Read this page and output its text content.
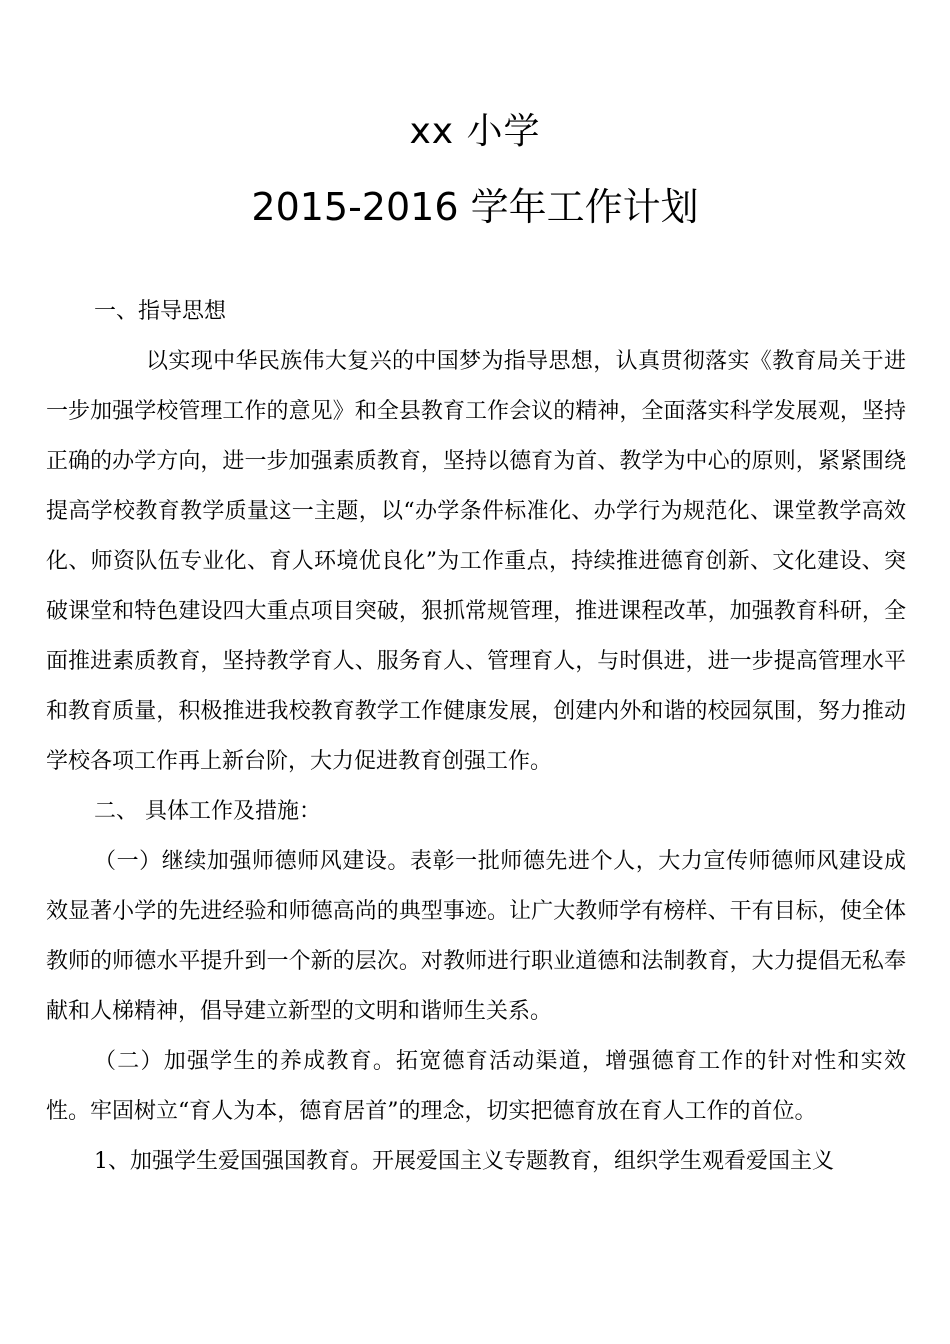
xx 小学
2015-2016 学年工作计划

一、指导思想

以实现中华民族伟大复兴的中国梦为指导思想，认真贯彻落实《教育局关于进一步加强学校管理工作的意见》和全县教育工作会议的精神，全面落实科学发展观，坚持正确的办学方向，进一步加强素质教育，坚持以德育为首、教学为中心的原则，紧紧围绕提高学校教育教学质量这一主题，以“办学条件标准化、办学行为规范化、课堂教学高效化、师资队伍专业化、育人环境优良化”为工作重点，持续推进德育创新、文化建设、突破课堂和特色建设四大重点项目突破，狠抓常规管理，推进课程改革，加强教育科研，全面推进素质教育，坚持教学育人、服务育人、管理育人，与时俱进，进一步提高管理水平和教育质量，积极推进我校教育教学工作健康发展，创建内外和谐的校园氛围，努力推动学校各项工作再上新台阶，大力促进教育创强工作。

二、 具体工作及措施：

（一）继续加强师德师风建设。表彰一批师德先进个人，大力宣传师德师风建设成效显著小学的先进经验和师德高尚的典型事迹。让广大教师学有榜样、干有目标，使全体教师的师德水平提升到一个新的层次。对教师进行职业道德和法制教育，大力提倡无私奉献和人梯精神，倡导建立新型的文明和谐师生关系。

（二）加强学生的养成教育。拓宽德育活动渠道，增强德育工作的针对性和实效性。牢固树立“育人为本，德育居首”的理念，切实把德育放在育人工作的首位。

1、加强学生爱国强国教育。开展爱国主义专题教育，组织学生观看爱国主义
